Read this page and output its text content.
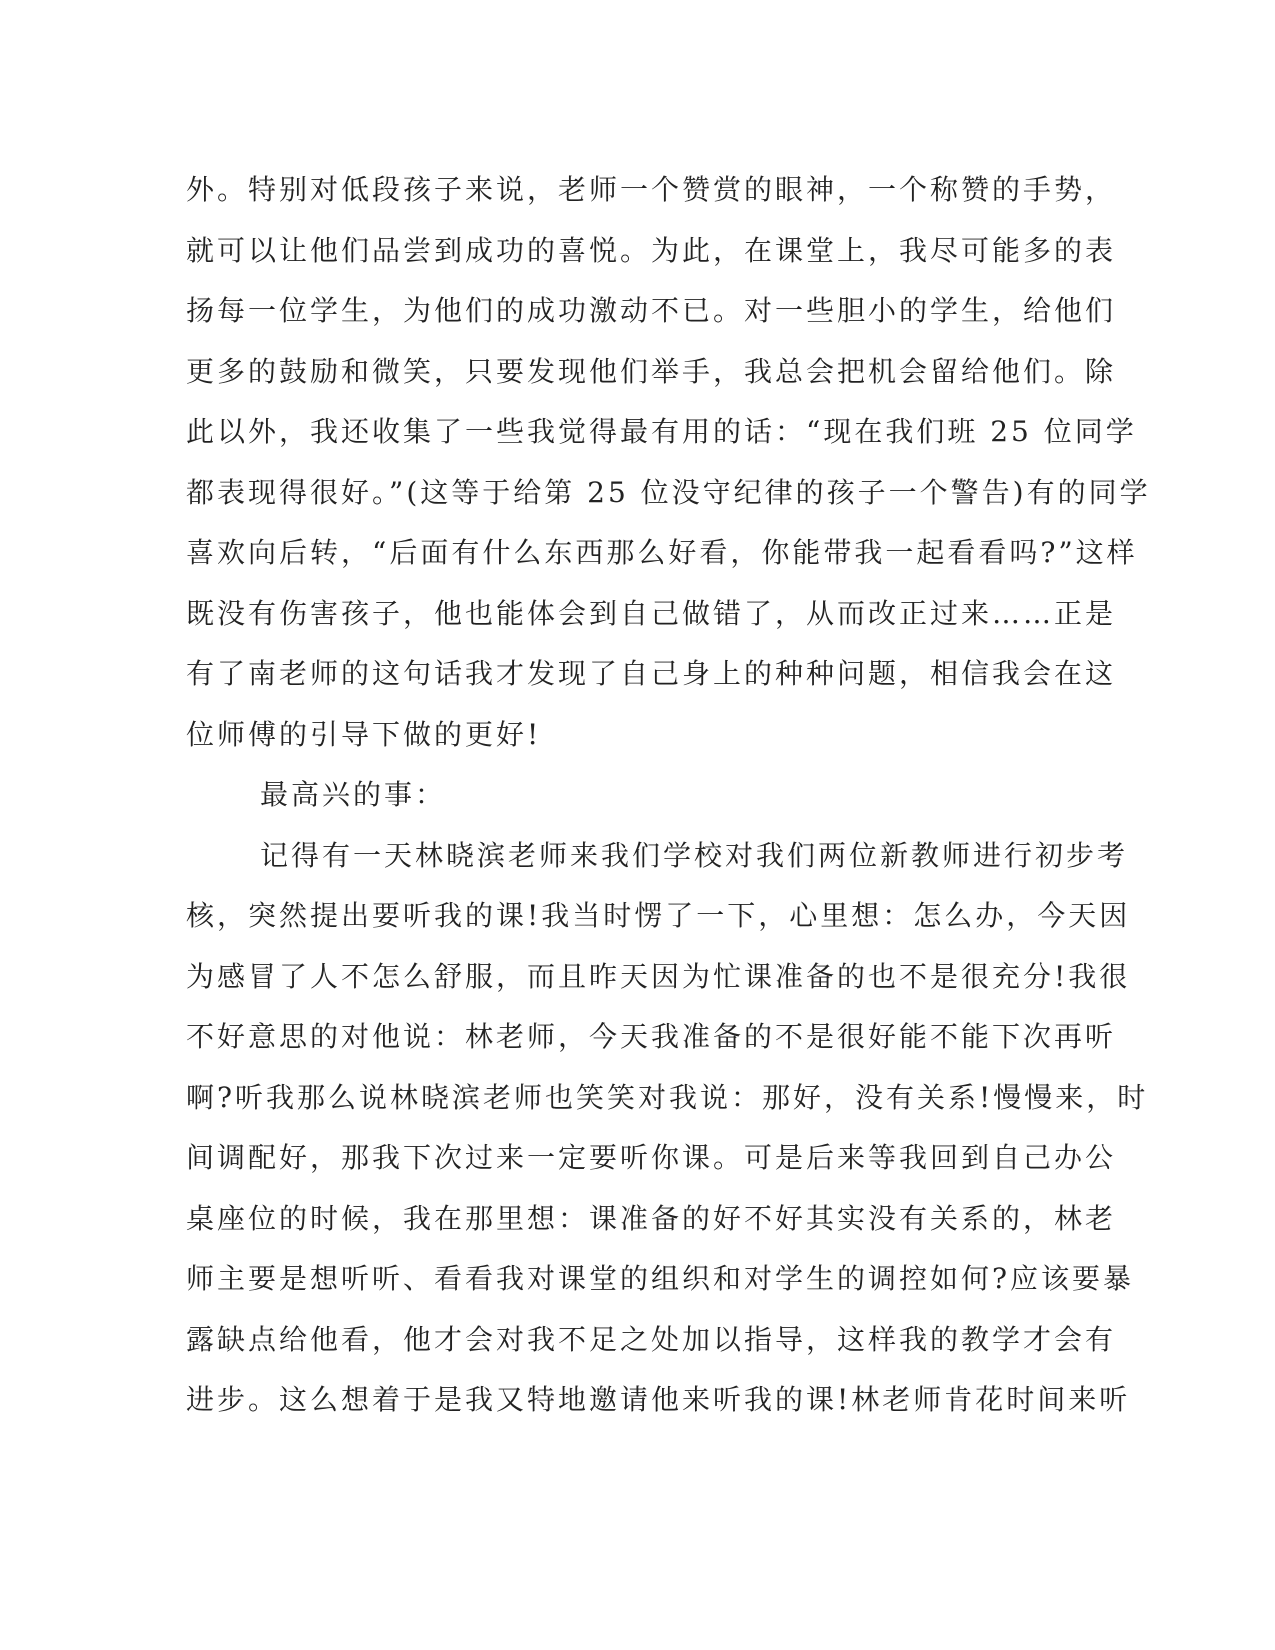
外。特别对低段孩子来说，老师一个赞赏的眼神，一个称赞的手势，
就可以让他们品尝到成功的喜悦。为此，在课堂上，我尽可能多的表
扬每一位学生，为他们的成功激动不已。对一些胆小的学生，给他们
更多的鼓励和微笑，只要发现他们举手，我总会把机会留给他们。除
此以外，我还收集了一些我觉得最有用的话：“现在我们班 25 位同学
都表现得很好。”(这等于给第 25 位没守纪律的孩子一个警告)有的同学
喜欢向后转，“后面有什么东西那么好看，你能带我一起看看吗?”这样
既没有伤害孩子，他也能体会到自己做错了，从而改正过来……正是
有了南老师的这句话我才发现了自己身上的种种问题，相信我会在这
位师傅的引导下做的更好!
最高兴的事：
记得有一天林晓滨老师来我们学校对我们两位新教师进行初步考
核，突然提出要听我的课!我当时愣了一下，心里想：怎么办，今天因
为感冒了人不怎么舒服，而且昨天因为忙课准备的也不是很充分!我很
不好意思的对他说：林老师，今天我准备的不是很好能不能下次再听
啊?听我那么说林晓滨老师也笑笑对我说：那好，没有关系!慢慢来，时
间调配好，那我下次过来一定要听你课。可是后来等我回到自己办公
桌座位的时候，我在那里想：课准备的好不好其实没有关系的，林老
师主要是想听听、看看我对课堂的组织和对学生的调控如何?应该要暴
露缺点给他看，他才会对我不足之处加以指导，这样我的教学才会有
进步。这么想着于是我又特地邀请他来听我的课!林老师肯花时间来听
